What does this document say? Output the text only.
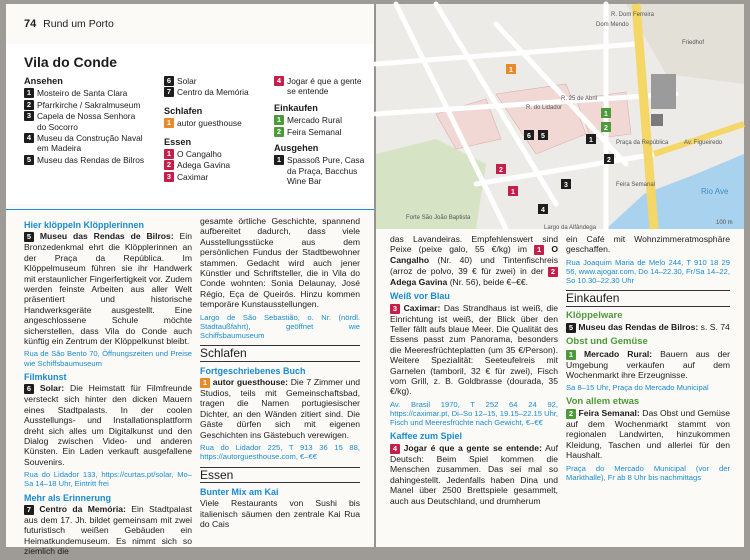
74 Rund um Porto
Vila do Conde
Ansehen
1 Mosteiro de Santa Clara
2 Pfarrkirche / Sakralmuseum
3 Capela de Nossa Senhora do Socorro
4 Museu da Construção Naval em Madeira
5 Museu das Rendas de Bilros
6 Solar
7 Centro da Memória
Schlafen
1 autor guesthouse
Essen
1 O Cangalho
2 Adega Gavina
3 Caximar
4 Jogar é que a gente se entende
Einkaufen
1 Mercado Rural
2 Feira Semanal
Ausgehen
1 Spassoß Pure, Casa da Praça, Bacchus Wine Bar
Hier klöppeln Klöpplerinnen

5 Museu das Rendas de Bilros: Ein Bronzedenkmal ehrt die Klöpplerinnen an der Praça da República. Im Klöppelmuseum führen sie ihr Handwerk mit erstaunlicher Fingerfertigkeit vor. Zudem werden feinste Arbeiten aus aller Welt präsentiert und historische Handwerksgeräte ausgestellt. Eine angeschlossene Schule möchte sicherstellen, dass Vila do Conde auch künftig ein Zentrum der Klöppelkunst bleibt.

Rua de São Bento 70, Öffnungszeiten und Preise wie Schiffsbaumuseum
Filmkunst

6 Solar: Die Heimstatt für Filmfreunde versteckt sich hinter den dicken Mauern eines Stadtpalasts. In der coolen Ausstellungs- und Installationsplattform dreht sich alles um Digitalkunst und den Dialog zwischen Video- und anderen Künsten. Ein Laden verkauft ausgefallene Souvenirs.

Rua do Lidador 133, https://curtas.pt/solar, Mo–Sa 14–18 Uhr, Eintritt frei
Mehr als Erinnerung

7 Centro da Memória: Ein Stadtpalast aus dem 17. Jh. bildet gemeinsam mit zwei futuristisch weißen Gebäuden ein Heimatkundemuseum. Es nimmt sich so ziemlich die

gesamte örtliche Geschichte, spannend aufbereitet dadurch, dass viele Ausstellungsstücke aus dem persönlichen Fundus der Stadtbewohner stammen. Gedacht wird auch jener Künstler und Schriftsteller, die in Vila do Conde wohnten: Sonia Delaunay, José Régio, Eça de Queirós. Hinzu kommen temporäre Kunstausstellungen.

Largo de São Sebastião, o. Nr. (nördl. Stadtaußfahrt), geöffnet wie Schiffsbaumuseum
Schlafen
Fortgeschriebenes Buch

1 autor guesthouse: Die 7 Zimmer und Studios, teils mit Gemeinschaftsbad, tragen die Namen portugiesischer Dichter, an den Wänden zitiert sind. Die Gäste dürfen sich mit eigenen Geschichten ins Gästebuch verewigen.

Rua do Lidador 225, T 913 36 15 88, https://autorguesthouse.com, €–€€
Essen
Bunter Mix am Kai

Viele Restaurants von Sushi bis italienisch säumen den zentrale Kai Rua do Cais

6 5
1
2
3
2
1
1
2
4
1
R. Dom Ferreira
Dom Mendo
Friedhof
R. do Lidador
R. 25 de Abril
Av. Figueiredo
Rio Ave
Feira Semanal
Largo da Alfândega
Forte São João Baptista
Praça da República
100 m

das Lavandeiras. Empfehlenswert sind Peixe (peixe galo, 55 €/kg) im 1 O Cangalho (Nr. 40) und Tintenfischreis (arroz de polvo, 39 € für zwei) in der 2 Adega Gavina (Nr. 56), beide €–€€.

Weiß vor Blau

3 Caximar: Das Strandhaus ist weiß, die Einrichtung ist weiß, der Blick über den Teller fällt aufs blaue Meer. Die Qualität des Essens passt zum Panorama, besonders die Meeresfrüchteplatten (um 35 €/Person). Weitere Spezialität: Seeteufelreis mit Garnelen (tamboril, 32 € für zwei), Fisch vom Grill, z. B. Goldbrasse (dourada, 35 €/kg).

Av. Brasil 1970, T 252 64 24 92, https://caximar.pt, Di–So 12–15, 19.15–22.15 Uhr, Fisch und Meeresfrüchte nach Gewicht, €–€€
Kaffee zum Spiel

4 Jogar é que a gente se entende: Auf Deutsch: Beim Spiel kommen die Menschen zusammen. Das sei mal so dahingestellt. Jedenfalls haben Dina und Manel über 2500 Brettspiele gesammelt, auch aus Deutschland, und drumherum

ein Café mit Wohnzimmeratmosphäre geschaffen.

Rua Joaquim Maria de Melo 244, T 910 18 29 56, www.ajogar.com, Do 14–22.30, Fr/Sa 14–22, So 10.30–22.30 Uhr
Einkaufen
Klöppelware

5 Museu das Rendas de Bilros: s. S. 74

Obst und Gemüse

1 Mercado Rural: Bauern aus der Umgebung verkaufen auf dem Wochenmarkt ihre Erzeugnisse.

Sa 8–15 Uhr, Praça do Mercado Municipal
Von allem etwas

2 Feira Semanal: Das Obst und Gemüse auf dem Wochenmarkt stammt von regionalen Landwirten, hinzukommen Kleidung, Taschen und allerlei für den Haushalt.

Praça do Mercado Municipal (vor der Markthalle), Fr ab 8 Uhr bis nachmittags
